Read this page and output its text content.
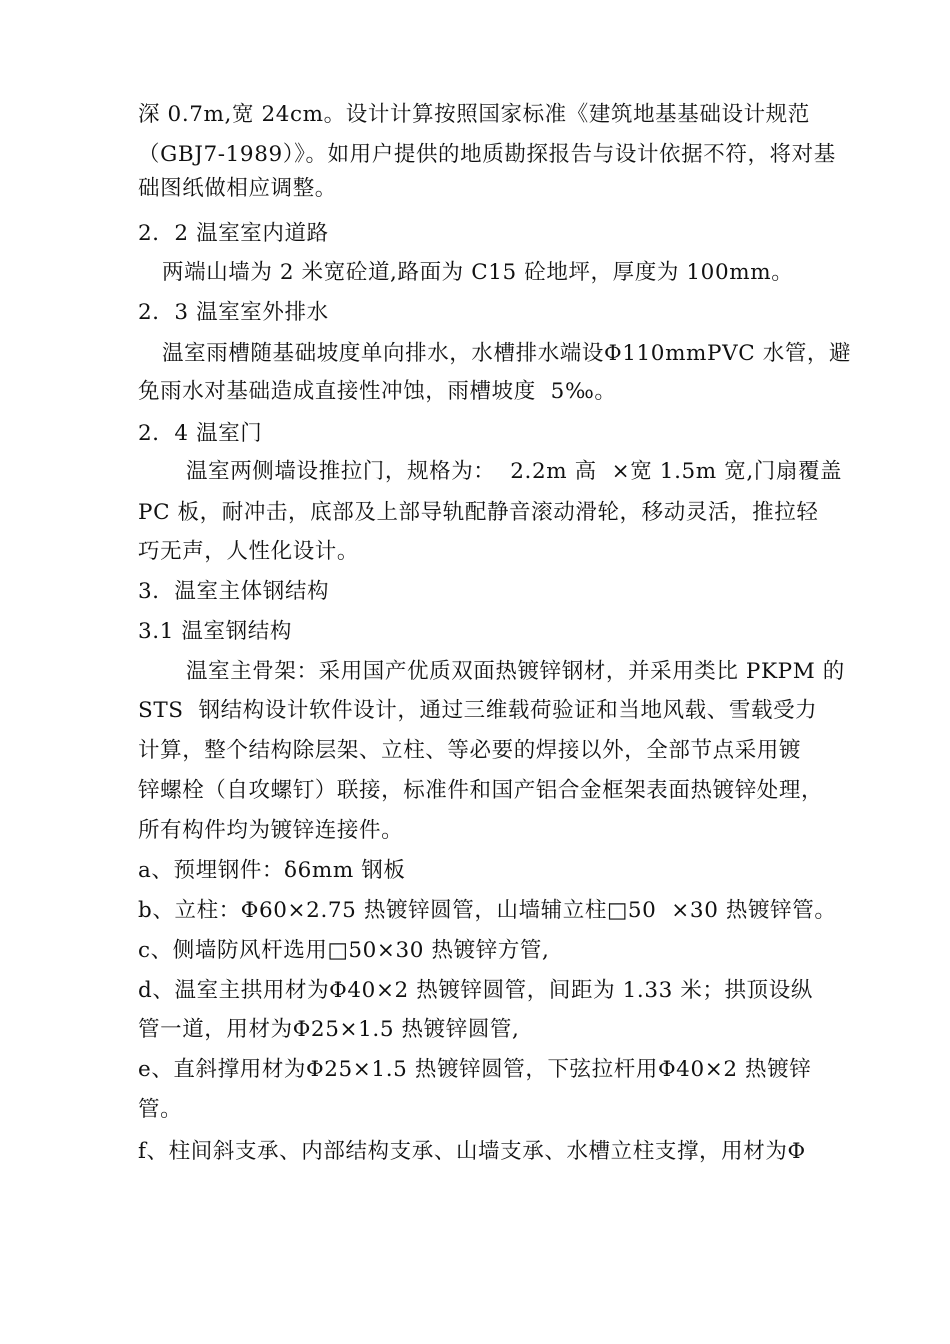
深 0.7m,宽 24cm。设计计算按照国家标准《建筑地基基础设计规范
（GBJ7-1989）》。如用户提供的地质勘探报告与设计依据不符，将对基
础图纸做相应调整。
2．2 温室室内道路
两端山墙为 2 米宽砼道,路面为 C15 砼地坪，厚度为 100mm。
2．3 温室室外排水
温室雨槽随基础坡度单向排水，水槽排水端设Φ110mmPVC 水管，避
免雨水对基础造成直接性冲蚀，雨槽坡度  5‰。
2．4 温室门
温室两侧墙设推拉门，规格为：  2.2m 高  ×宽 1.5m 宽,门扇覆盖
PC 板，耐冲击，底部及上部导轨配静音滚动滑轮，移动灵活，推拉轻
巧无声，人性化设计。
3．温室主体钢结构
3.1 温室钢结构
温室主骨架：采用国产优质双面热镀锌钢材，并采用类比 PKPM 的
STS  钢结构设计软件设计，通过三维载荷验证和当地风载、雪载受力
计算，整个结构除层架、立柱、等必要的焊接以外，全部节点采用镀
锌螺栓（自攻螺钉）联接，标准件和国产铝合金框架表面热镀锌处理，
所有构件均为镀锌连接件。
a、预埋钢件：δ6mm 钢板
b、立柱：Φ60×2.75 热镀锌圆管，山墙辅立柱□50  ×30 热镀锌管。
c、侧墙防风杆选用□50×30 热镀锌方管,
d、温室主拱用材为Φ40×2 热镀锌圆管，间距为 1.33 米；拱顶设纵
管一道，用材为Φ25×1.5 热镀锌圆管,
e、直斜撑用材为Φ25×1.5 热镀锌圆管，下弦拉杆用Φ40×2 热镀锌
管。
f、柱间斜支承、内部结构支承、山墙支承、水槽立柱支撑，用材为Φ
